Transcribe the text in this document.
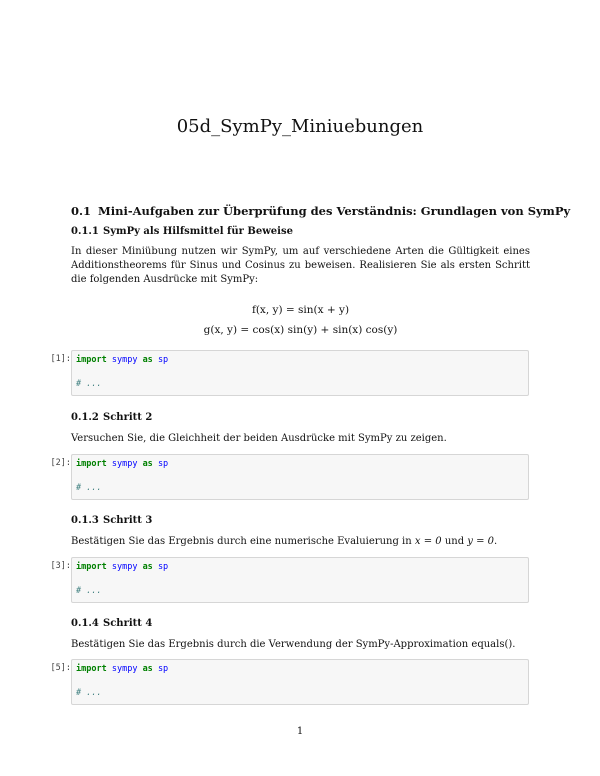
05d_SymPy_Miniuebungen
0.1 Mini-Aufgaben zur Überprüfung des Verständnis: Grundlagen von SymPy
0.1.1 SymPy als Hilfsmittel für Beweise

In dieser Miniübung nutzen wir SymPy, um auf verschiedene Arten die Gültigkeit eines Additionstheorems für Sinus und Cosinus zu beweisen. Realisieren Sie als ersten Schritt die folgenden Ausdrücke mit SymPy:

f(x, y) = sin(x + y)
g(x, y) = cos(x) sin(y) + sin(x) cos(y)
0.1.2 Schritt 2

Versuchen Sie, die Gleichheit der beiden Ausdrücke mit SymPy zu zeigen.

0.1.3 Schritt 3

Bestätigen Sie das Ergebnis durch eine numerische Evaluierung in x = 0 und y = 0.

0.1.4 Schritt 4

Bestätigen Sie das Ergebnis durch die Verwendung der SymPy-Approximation equals().

[1]: import sympy as sp
# ...
[2]: import sympy as sp
# ...
[3]: import sympy as sp
# ...
[5]: import sympy as sp
# ...
1
